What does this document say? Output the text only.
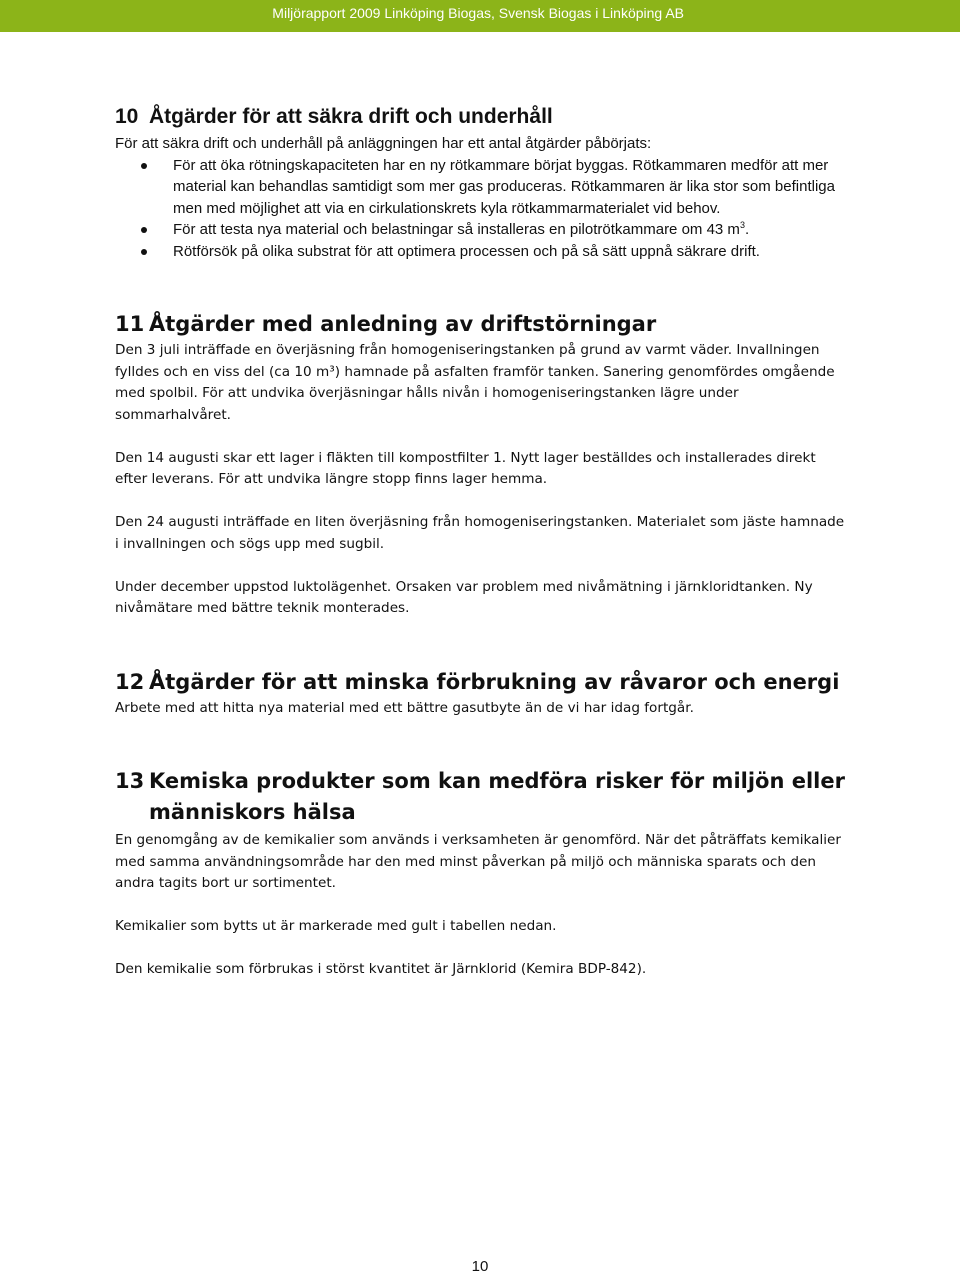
Miljörapport 2009 Linköping Biogas, Svensk Biogas i Linköping AB
10 Åtgärder för att säkra drift och underhåll

För att säkra drift och underhåll på anläggningen har ett antal åtgärder påbörjats:

För att öka rötningskapaciteten har en ny rötkammare börjat byggas. Rötkammaren medför att mer material kan behandlas samtidigt som mer gas produceras. Rötkammaren är lika stor som befintliga men med möjlighet att via en cirkulationskrets kyla rötkammarmaterialet vid behov.
För att testa nya material och belastningar så installeras en pilotrötkammare om 43 $m^3$.
Rötförsök på olika substrat för att optimera processen och på så sätt uppnå säkrare drift.
11 Åtgärder med anledning av driftstörningar

Den 3 juli inträffade en överjäsning från homogeniseringstanken på grund av varmt väder. Invallningen fylldes och en viss del (ca 10 m³) hamnade på asfalten framför tanken. Sanering genomfördes omgående med spolbil. För att undvika överjäsningar hålls nivån i homogeniseringstanken lägre under sommarhalvåret.

Den 14 augusti skar ett lager i fläkten till kompostfilter 1. Nytt lager beställdes och installerades direkt efter leverans. För att undvika längre stopp finns lager hemma.

Den 24 augusti inträffade en liten överjäsning från homogeniseringstanken. Materialet som jäste hamnade i invallningen och sögs upp med sugbil.

Under december uppstod luktolägenhet. Orsaken var problem med nivåmätning i järnkloridtanken. Ny nivåmätare med bättre teknik monterades.

12 Åtgärder för att minska förbrukning av råvaror och energi

Arbete med att hitta nya material med ett bättre gasutbyte än de vi har idag fortgår.

13 Kemiska produkter som kan medföra risker för miljön eller människors hälsa

En genomgång av de kemikalier som används i verksamheten är genomförd. När det påträffats kemikalier med samma användningsområde har den med minst påverkan på miljö och människa sparats och den andra tagits bort ur sortimentet.

Kemikalier som bytts ut är markerade med gult i tabellen nedan.

Den kemikalie som förbrukas i störst kvantitet är Järnklorid (Kemira BDP-842).

10
